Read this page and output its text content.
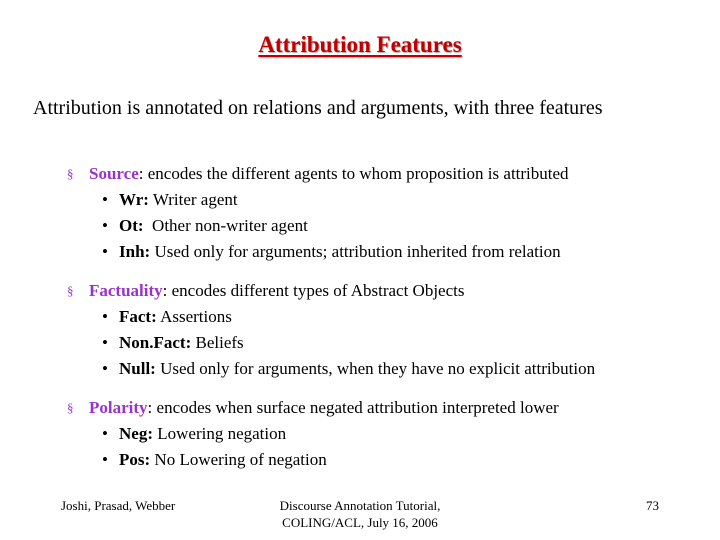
Attribution Features
Attribution is annotated on relations and arguments, with three features
§ Source: encodes the different agents to whom proposition is attributed
• Wr: Writer agent
• Ot:  Other non-writer agent
• Inh: Used only for arguments; attribution inherited from relation
§ Factuality: encodes different types of Abstract Objects
• Fact: Assertions
• Non.Fact: Beliefs
• Null: Used only for arguments, when they have no explicit attribution
§ Polarity: encodes when surface negated attribution interpreted lower
• Neg: Lowering negation
• Pos: No Lowering of negation
Joshi, Prasad, Webber	Discourse Annotation Tutorial,
COLING/ACL, July 16, 2006
73
